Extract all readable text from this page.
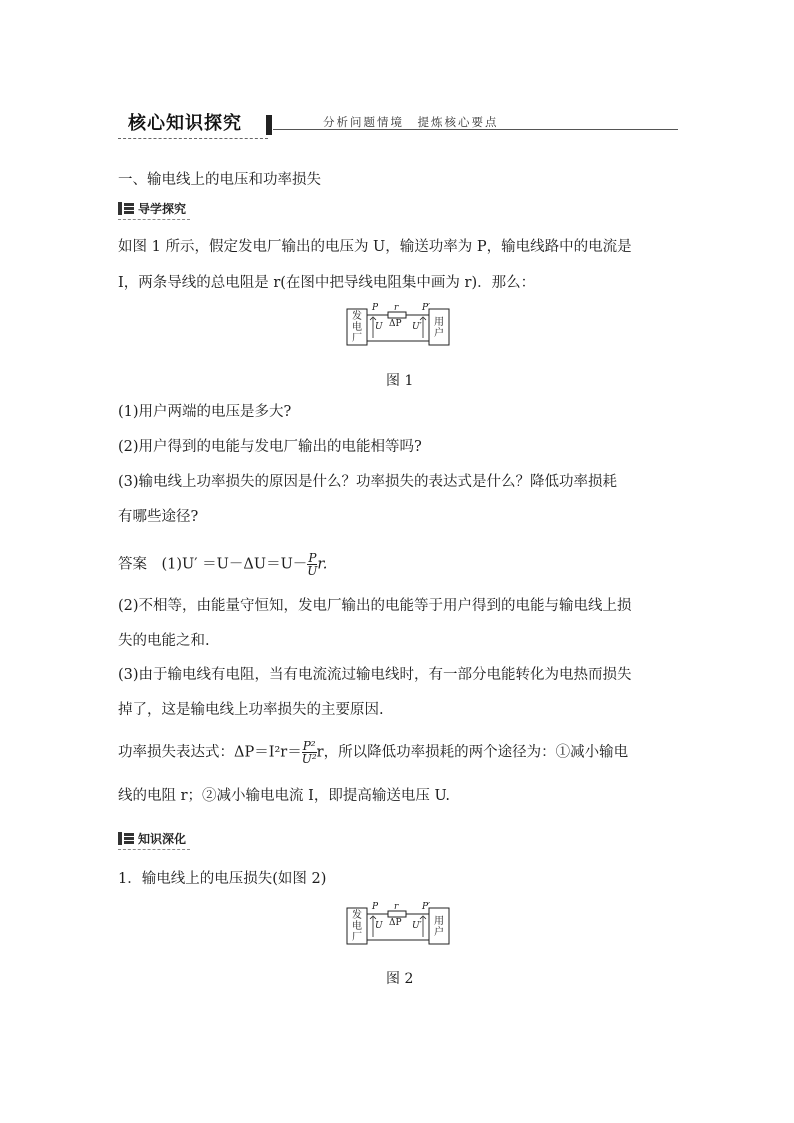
核心知识探究	分析问题情境　提炼核心要点
一、输电线上的电压和功率损失
导学探究
如图 1 所示，假定发电厂输出的电压为 U，输送功率为 P，输电线路中的电流是
I，两条导线的总电阻是 r(在图中把导线电阻集中画为 r)．那么：
发电厂
用户
P r	P′
U ΔP U′
图 1
(1)用户两端的电压是多大?
(2)用户得到的电能与发电厂输出的电能相等吗?
(3)输电线上功率损失的原因是什么？功率损失的表达式是什么？降低功率损耗
有哪些途径?
答案　 $(1)U' =U-\Delta U=U- \frac{P}{U} r$.
(2)不相等，由能量守恒知，发电厂输出的电能等于用户得到的电能与输电线上损
失的电能之和.
(3)由于输电线有电阻，当有电流流过输电线时，有一部分电能转化为电热而损失
掉了，这是输电线上功率损失的主要原因.
功率损失表达式：$\Delta P=I^2r= \frac{\text{P²}}{\text{U²}}$ r，所以降低功率损耗的两个途径为：①减小输电
线的电阻 r；②减小输电电流 I，即提高输送电压 U.
知识深化
1．输电线上的电压损失(如图 2)
发电厂
用户
P r	P′
U ΔP U′
图 2
